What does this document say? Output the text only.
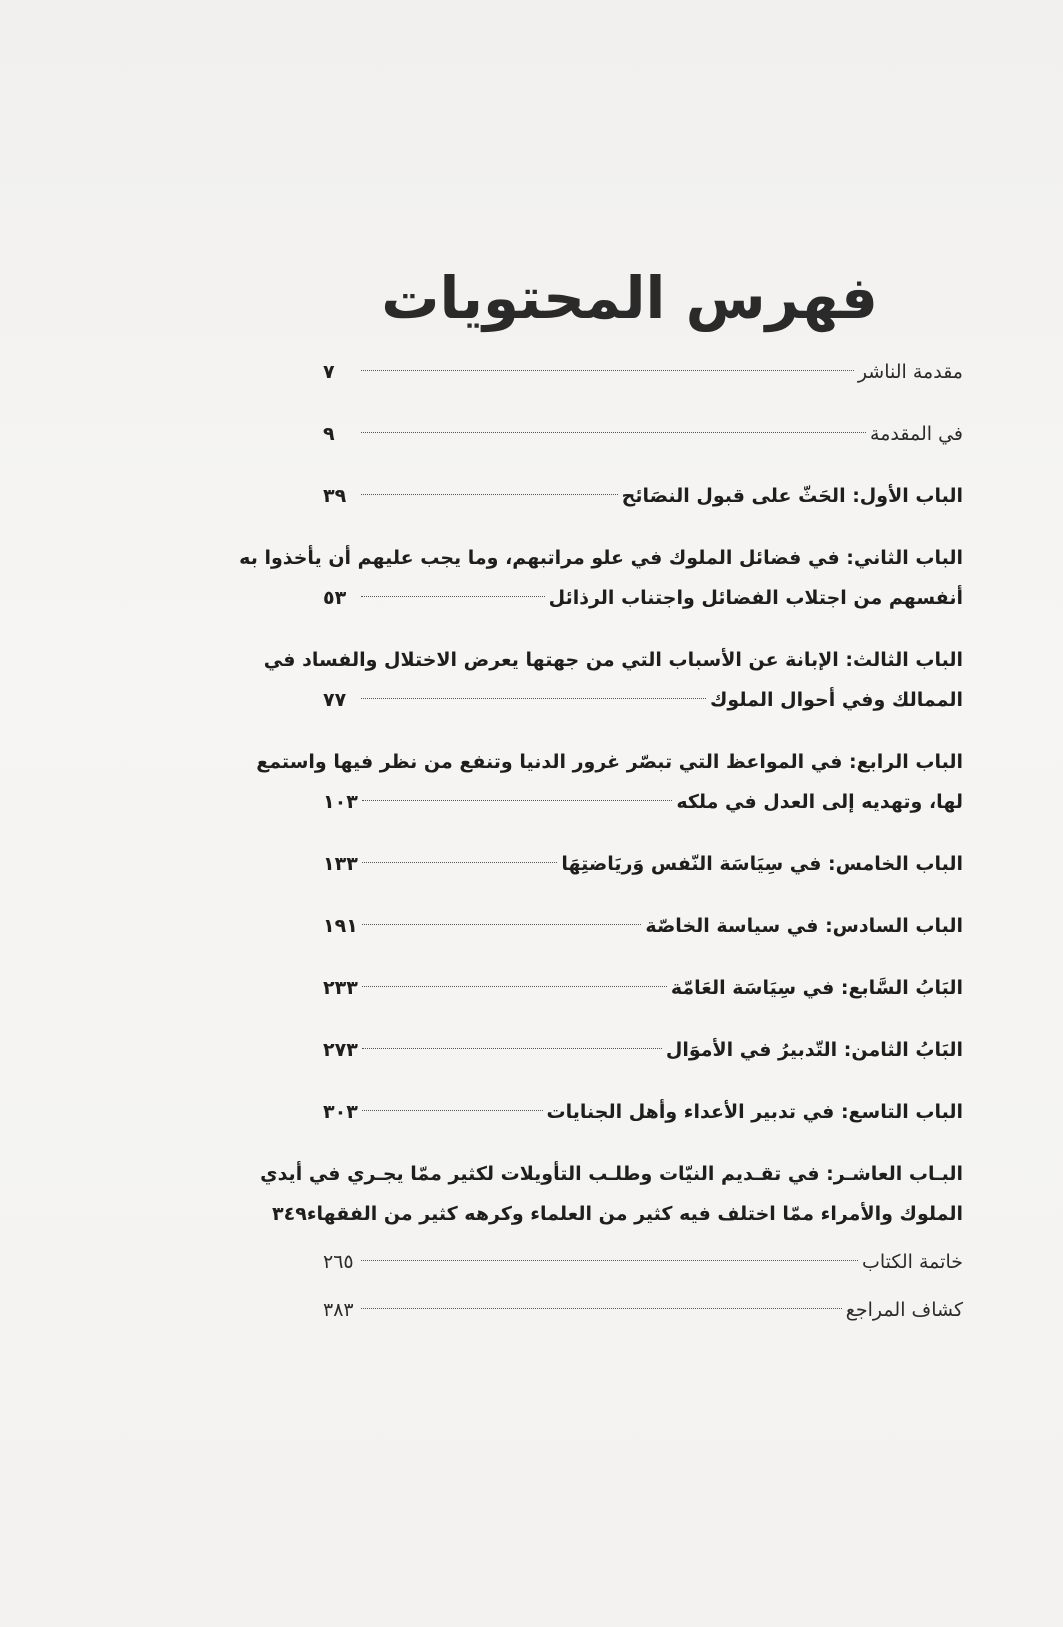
فهرس المحتويات
مقدمة الناشر
٧
في المقدمة
٩
الباب الأول: الحَثّ على قبول النصَائح
٣٩
الباب الثاني: في فضائل الملوك في علو مراتبهم، وما يجب عليهم أن يأخذوا به
أنفسهم من اجتلاب الفضائل واجتناب الرذائل
٥٣
الباب الثالث: الإبانة عن الأسباب التي من جهتها يعرض الاختلال والفساد في
الممالك وفي أحوال الملوك
٧٧
الباب الرابع: في المواعظ التي تبصّر غرور الدنيا وتنفع من نظر فيها واستمع
لها، وتهديه إلى العدل في ملكه
١٠٣
الباب الخامس: في سِيَاسَة النّفس وَريَاضتِهَا
١٣٣
الباب السادس: في سياسة الخاصّة
١٩١
البَابُ السَّابع: في سِيَاسَة العَامّة
٢٣٣
البَابُ الثامن: التّدبيرُ في الأموَال
٢٧٣
الباب التاسع: في تدبير الأعداء وأهل الجنايات
٣٠٣
البـاب العاشـر: في تقـديم النيّات وطلـب التأويلات لكثير ممّا يجـري في أيدي
الملوك والأمراء ممّا اختلف فيه كثير من العلماء وكرهه كثير من الفقهاء
٣٤٩
خاتمة الكتاب
٢٦٥
كشاف المراجع
٣٨٣
